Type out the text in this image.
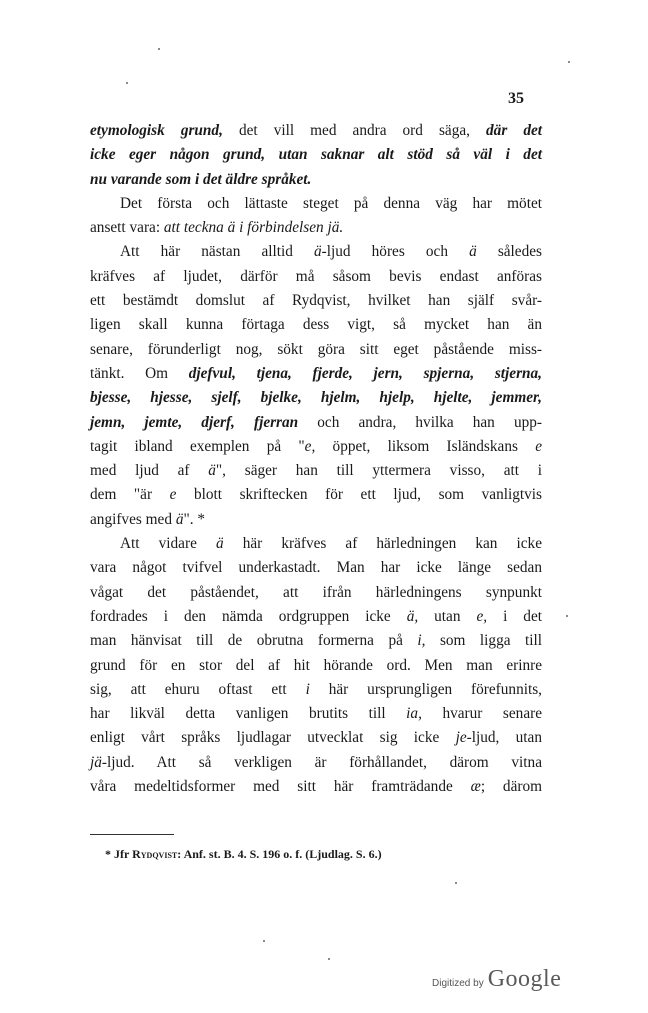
35
etymologisk grund, det vill med andra ord säga, där det
icke eger någon grund, utan saknar alt stöd så väl i det
nu varande som i det äldre språket.
Det första och lättaste steget på denna väg har mötet
ansett vara: att teckna ä i förbindelsen jä.
Att här nästan alltid ä-ljud höres och ä således
kräfves af ljudet, därför må såsom bevis endast anföras
ett bestämdt domslut af Rydqvist, hvilket han själf svår-
ligen skall kunna förtaga dess vigt, så mycket han än
senare, förunderligt nog, sökt göra sitt eget påstående miss-
tänkt. Om djefvul, tjena, fjerde, jern, spjerna, stjerna,
bjesse, hjesse, sjelf, bjelke, hjelm, hjelp, hjelte, jemmer,
jemn, jemte, djerf, fjerran och andra, hvilka han upp-
tagit ibland exemplen på "e, öppet, liksom Isländskans e
med ljud af ä", säger han till yttermera visso, att i
dem "är e blott skriftecken för ett ljud, som vanligtvis
angifves med ä". *
Att vidare ä här kräfves af härledningen kan icke
vara något tvifvel underkastadt. Man har icke länge sedan
vågat det påståendet, att ifrån härledningens synpunkt
fordrades i den nämda ordgruppen icke ä, utan e, i det
man hänvisat till de obrutna formerna på i, som ligga till
grund för en stor del af hit hörande ord. Men man erinre
sig, att ehuru oftast ett i här ursprungligen förefunnits,
har likväl detta vanligen brutits till ia, hvarur senare
enligt vårt språks ljudlagar utvecklat sig icke je-ljud, utan
jä-ljud. Att så verkligen är förhållandet, därom vitna
våra medeltidsformer med sitt här framträdande æ; därom
* Jfr Rydqvist: Anf. st. B. 4. S. 196 o. f. (Ljudlag. S. 6.)
Digitized by Google
